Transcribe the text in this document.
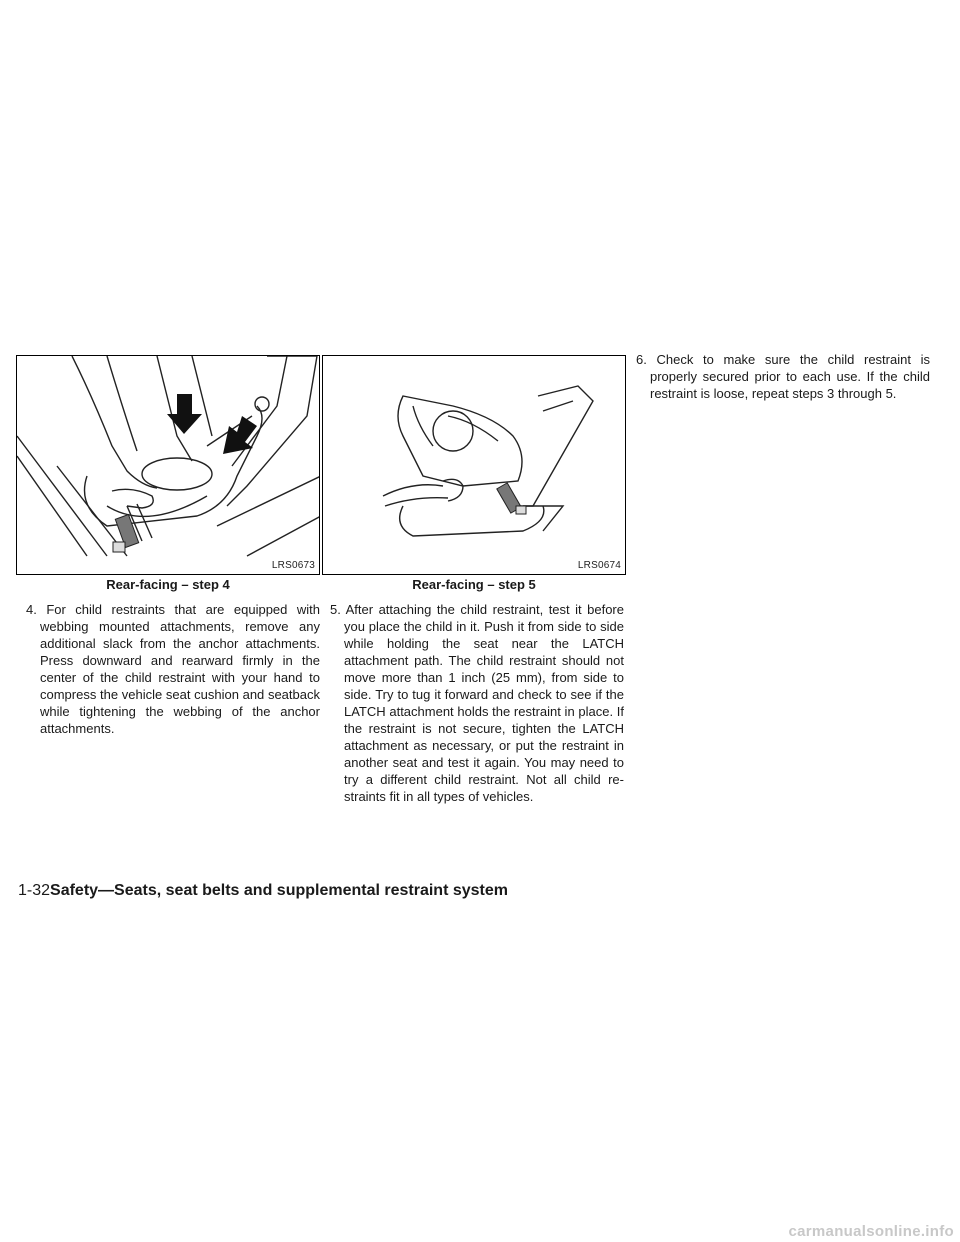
LRS0673
Rear-facing – step 4
LRS0674
Rear-facing – step 5

4. For child restraints that are equipped with webbing mounted attachments, remove any additional slack from the anchor attachments. Press downward and rearward firmly in the center of the child restraint with your hand to compress the vehicle seat cushion and seatback while tightening the webbing of the anchor attachments.

5. After attaching the child restraint, test it before you place the child in it. Push it from side to side while holding the seat near the LATCH attachment path. The child restraint should not move more than 1 inch (25 mm), from side to side. Try to tug it forward and check to see if the LATCH attachment holds the restraint in place. If the restraint is not secure, tighten the LATCH attachment as necessary, or put the restraint in another seat and test it again. You may need to try a different child restraint. Not all child restraints fit in all types of vehicles.

6. Check to make sure the child restraint is properly secured prior to each use. If the child restraint is loose, repeat steps 3 through 5.

1-32Safety—Seats, seat belts and supplemental restraint system
carmanualsonline.info
